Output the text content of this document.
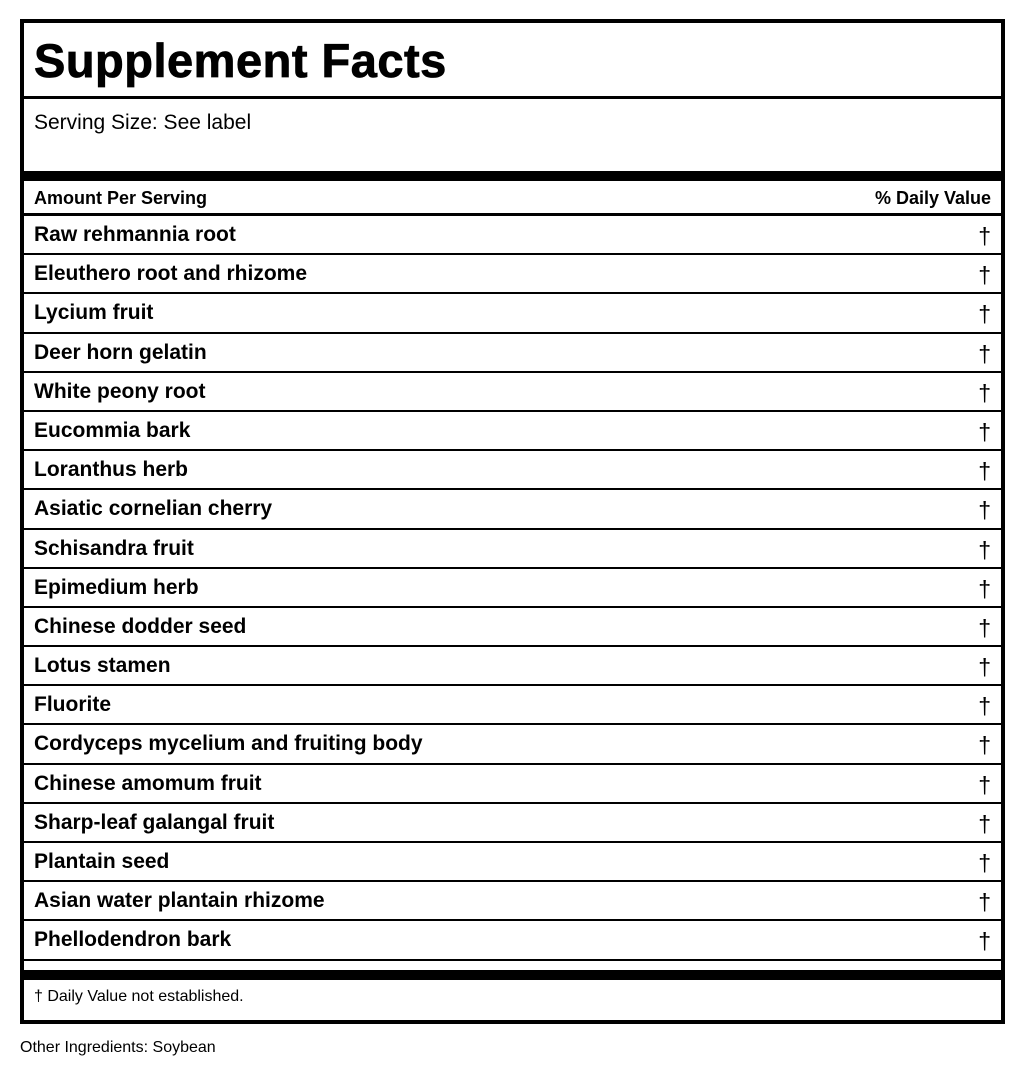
Supplement Facts
Serving Size: See label
Amount Per Serving	% Daily Value
Raw rehmannia root	†
Eleuthero root and rhizome	†
Lycium fruit	†
Deer horn gelatin	†
White peony root	†
Eucommia bark	†
Loranthus herb	†
Asiatic cornelian cherry	†
Schisandra fruit	†
Epimedium herb	†
Chinese dodder seed	†
Lotus stamen	†
Fluorite	†
Cordyceps mycelium and fruiting body	†
Chinese amomum fruit	†
Sharp-leaf galangal fruit	†
Plantain seed	†
Asian water plantain rhizome	†
Phellodendron bark	†
† Daily Value not established.
Other Ingredients: Soybean
